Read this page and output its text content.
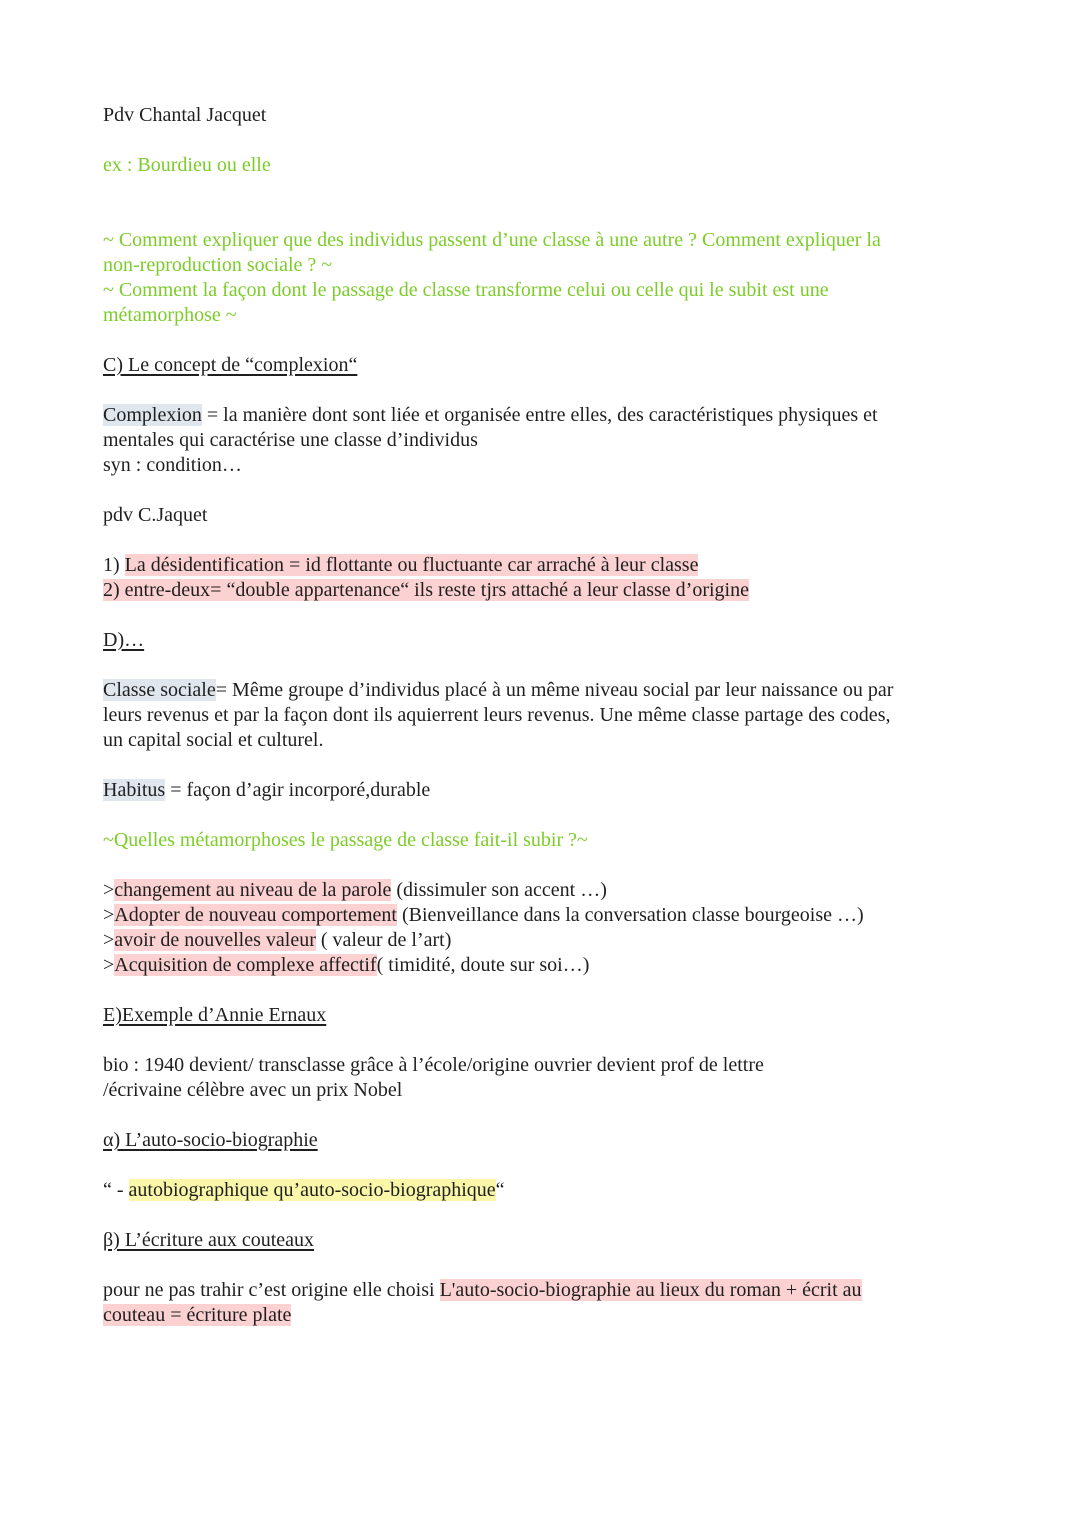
Pdv Chantal Jacquet
ex : Bourdieu ou elle
~ Comment expliquer que des individus passent d’une classe à une autre ? Comment expliquer la
non-reproduction sociale ? ~
~ Comment la façon dont le passage de classe transforme celui ou celle qui le subit est une
métamorphose ~
C) Le concept de “complexion“
Complexion = la manière dont sont liée et organisée entre elles, des caractéristiques physiques et
mentales qui caractérise une classe d’individus
syn : condition…
pdv C.Jaquet
1) La désidentification = id flottante ou fluctuante car arraché à leur classe
2) entre-deux= “double appartenance“ ils reste tjrs attaché a leur classe d’origine
D)…
Classe sociale= Même groupe d’individus placé à un même niveau social par leur naissance ou par
leurs revenus et par la façon dont ils aquierrent leurs revenus. Une même classe partage des codes,
un capital social et culturel.
Habitus = façon d’agir incorporé,durable
~Quelles métamorphoses le passage de classe fait-il subir ?~
>changement au niveau de la parole (dissimuler son accent …)
>Adopter de nouveau comportement (Bienveillance dans la conversation classe bourgeoise …)
>avoir de nouvelles valeur ( valeur de l’art)
>Acquisition de complexe affectif( timidité, doute sur soi…)
E)Exemple d’Annie Ernaux
bio : 1940 devient/ transclasse grâce à l’école/origine ouvrier devient prof de lettre
/écrivaine célèbre avec un prix Nobel
α) L’auto-socio-biographie
“ - autobiographique qu’auto-socio-biographique“
β) L’écriture aux couteaux
pour ne pas trahir c’est origine elle choisi L'auto-socio-biographie au lieux du roman + écrit au
couteau = écriture plate
